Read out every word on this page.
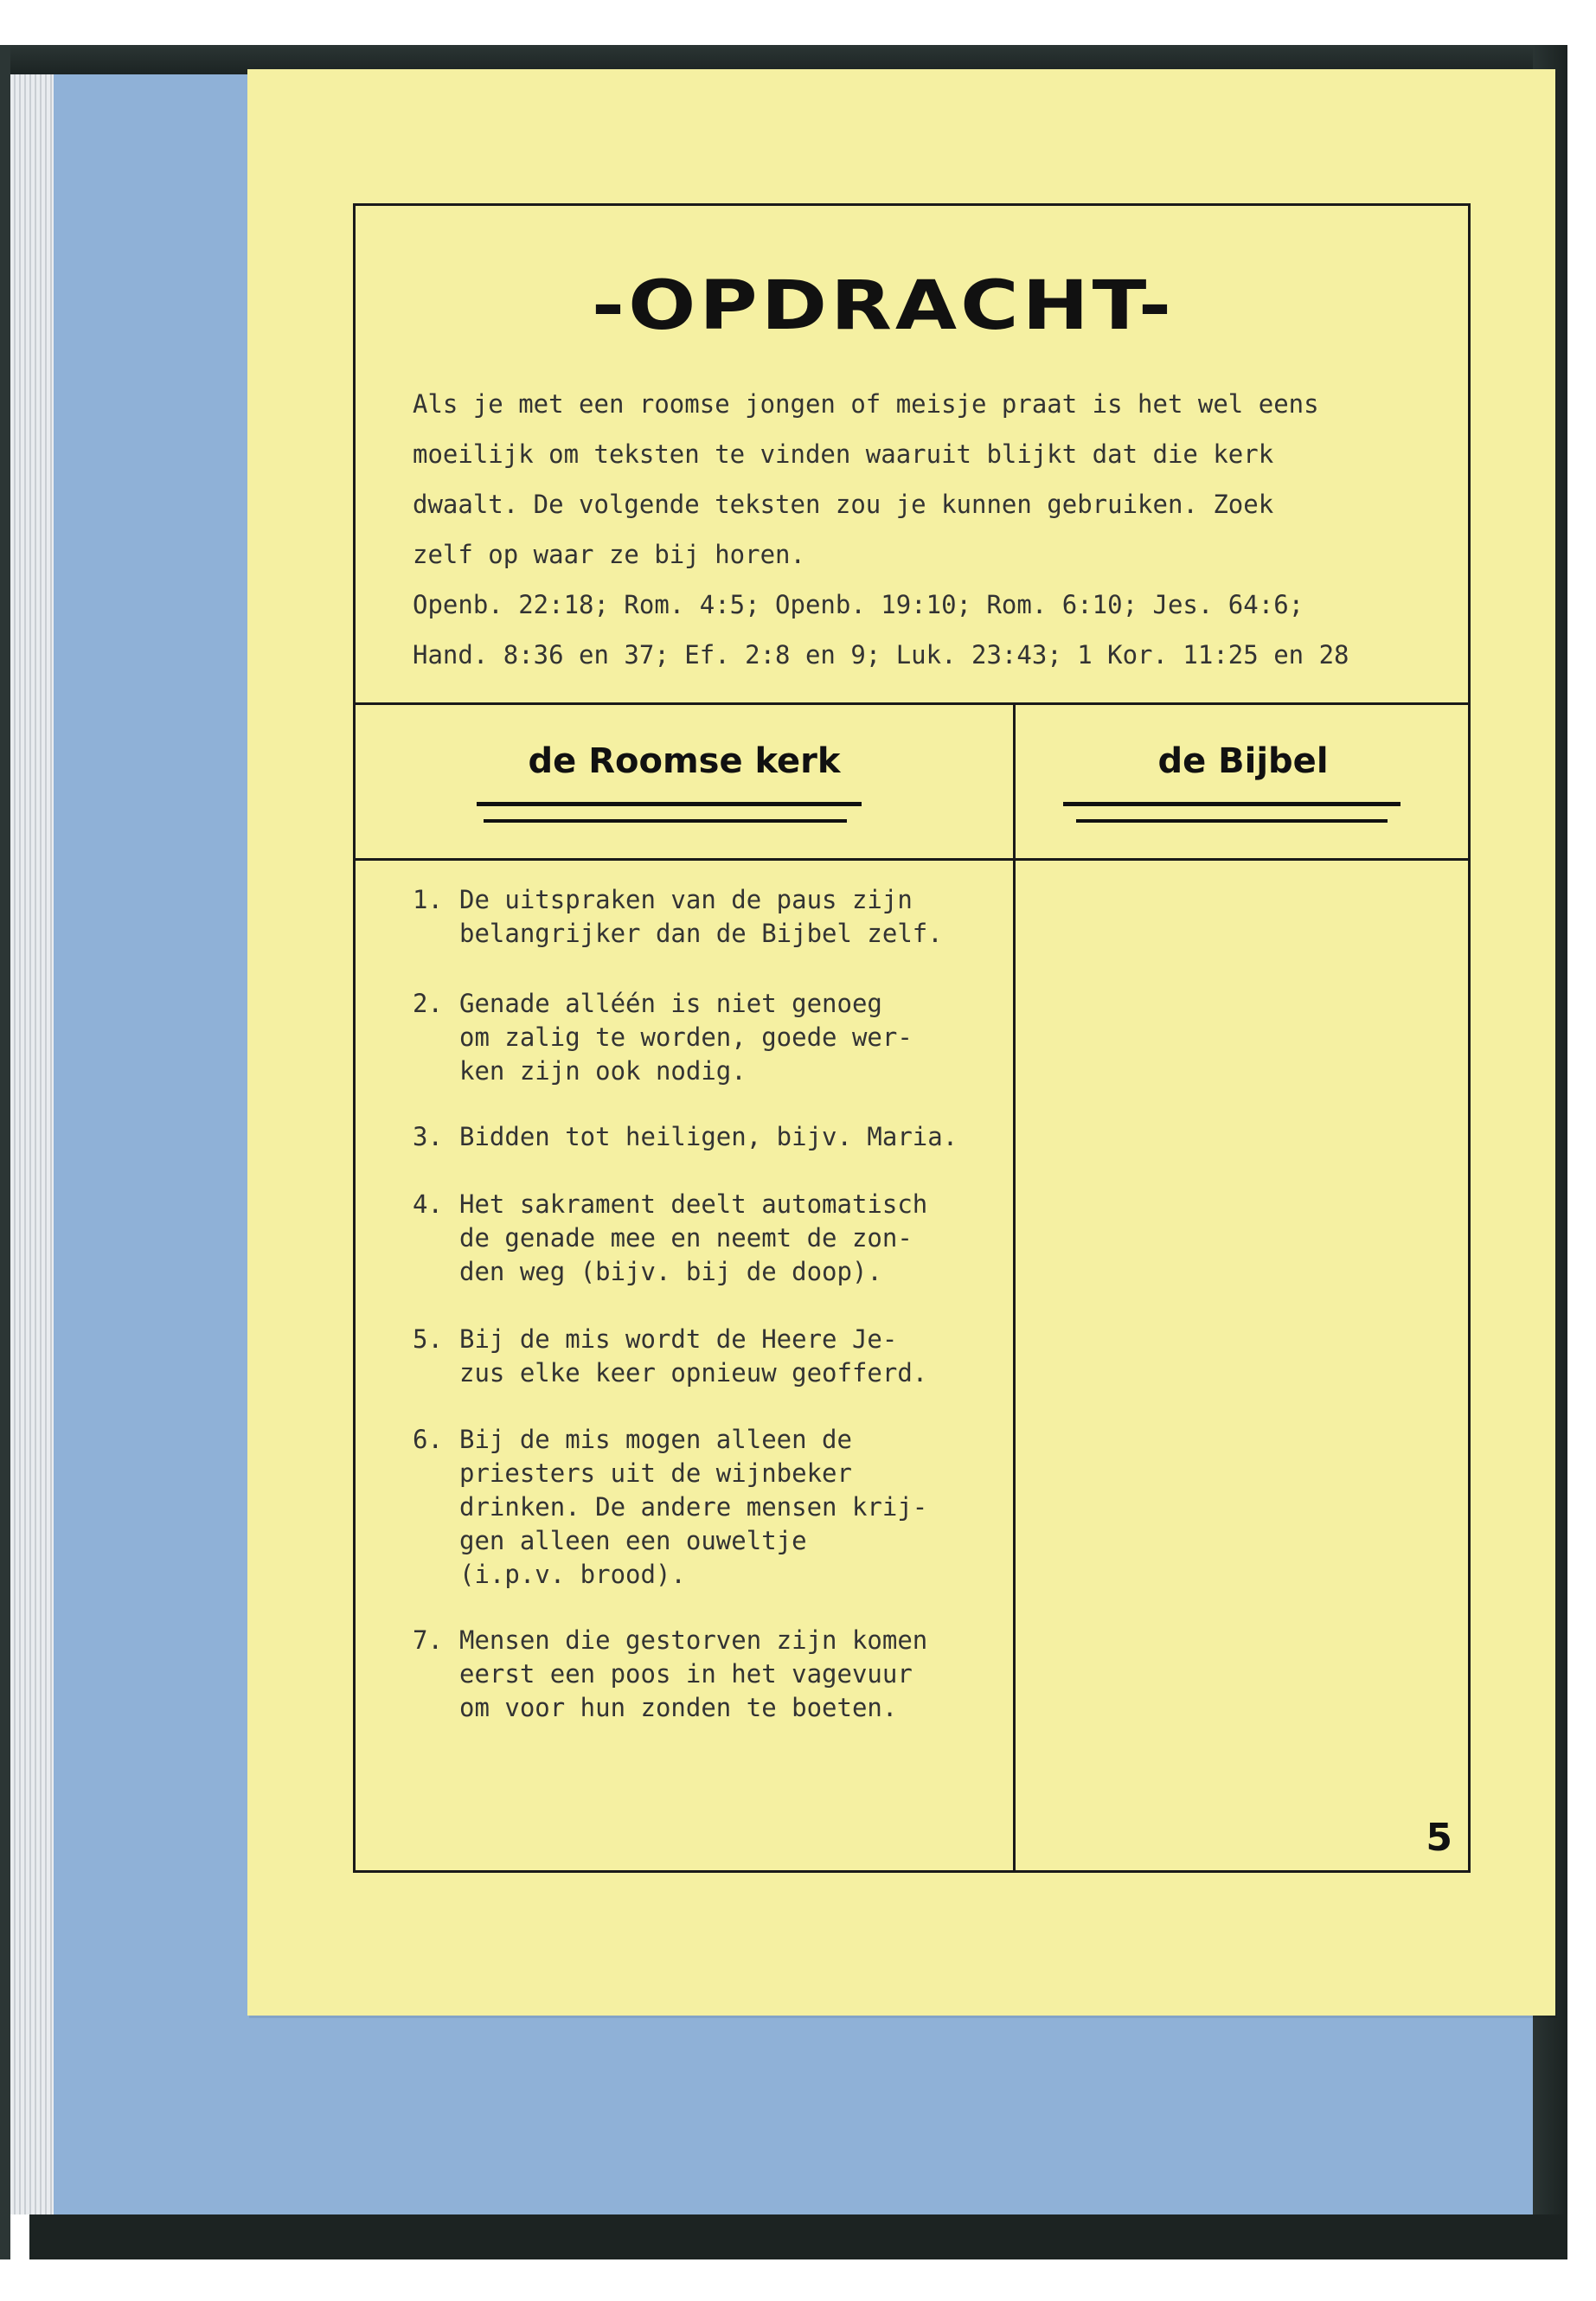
-OPDRACHT-
Als je met een roomse jongen of meisje praat is het wel eens
moeilijk om teksten te vinden waaruit blijkt dat die kerk
dwaalt. De volgende teksten zou je kunnen gebruiken. Zoek
zelf op waar ze bij horen.
Openb. 22:18; Rom. 4:5; Openb. 19:10; Rom. 6:10; Jes. 64:6;
Hand. 8:36 en 37; Ef. 2:8 en 9; Luk. 23:43; 1 Kor. 11:25 en 28
de Roomse kerk	de Bijbel
1. De uitspraken van de paus zijn
belangrijker dan de Bijbel zelf.
2. Genade alléén is niet genoeg
om zalig te worden, goede wer-
ken zijn ook nodig.
3. Bidden tot heiligen, bijv. Maria.
4. Het sakrament deelt automatisch
de genade mee en neemt de zon-
den weg (bijv. bij de doop).
5. Bij de mis wordt de Heere Je-
zus elke keer opnieuw geofferd.
6. Bij de mis mogen alleen de
priesters uit de wijnbeker
drinken. De andere mensen krij-
gen alleen een ouweltje
(i.p.v. brood).
7. Mensen die gestorven zijn komen
eerst een poos in het vagevuur
om voor hun zonden te boeten.
5
